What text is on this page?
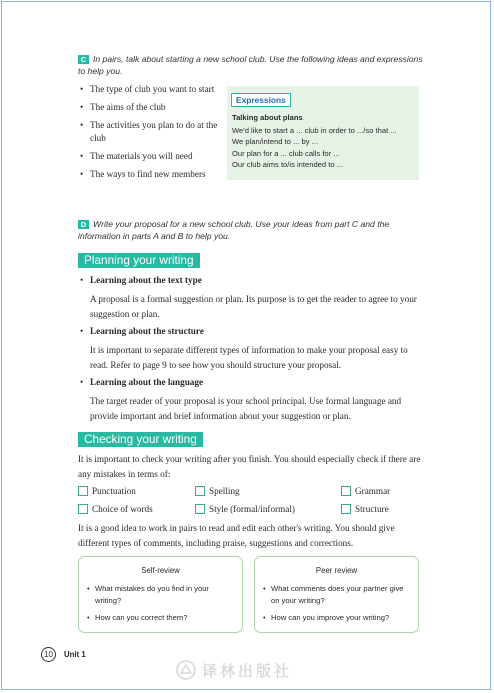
C In pairs, talk about starting a new school club. Use the following ideas and expressions to help you.
• The type of club you want to start
• The aims of the club
• The activities you plan to do at the club
• The materials you will need
• The ways to find new members
Expressions
Talking about plans
We'd like to start a ... club in order to .../so that ...
We plan/intend to ... by ...
Our plan for a ... club calls for ...
Our club aims to/is intended to ...
D Write your proposal for a new school club. Use your ideas from part C and the information in parts A and B to help you.
Planning your writing
• Learning about the text type
A proposal is a formal suggestion or plan. Its purpose is to get the reader to agree to your suggestion or plan.
• Learning about the structure
It is important to separate different types of information to make your proposal easy to read. Refer to page 9 to see how you should structure your proposal.
• Learning about the language
The target reader of your proposal is your school principal. Use formal language and provide important and brief information about your suggestion or plan.
Checking your writing
It is important to check your writing after you finish. You should especially check if there are any mistakes in terms of:
Punctuation	Spelling	Grammar
Choice of words	Style (formal/informal)	Structure
It is a good idea to work in pairs to read and edit each other's writing. You should give different types of comments, including praise, suggestions and corrections.
Self-review
• What mistakes do you find in your writing?
• How can you correct them?
Peer review
• What comments does your partner give on your writing?
• How can you improve your writing?
10	Unit 1
译林出版社
